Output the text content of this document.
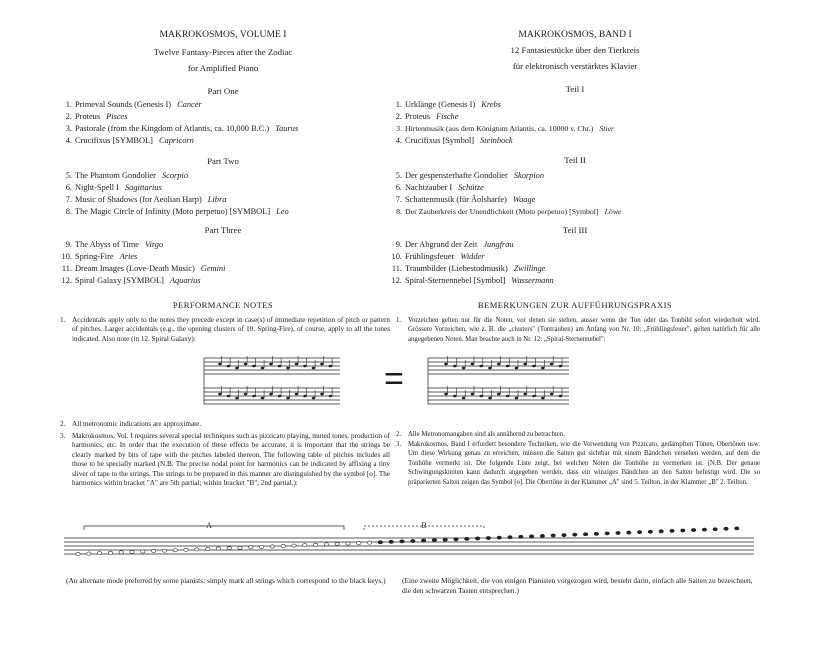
MAKROKOSMOS, VOLUME I
Twelve Fantasy-Pieces after the Zodiac
for Amplified Piano
Part One
1. Primeval Sounds (Genesis I) Cancer
2. Proteus Pisces
3. Pastorale (from the Kingdom of Atlantis, ca. 10,000 B.C.) Taurus
4. Crucifixus [SYMBOL] Capricorn
Part Two
5. The Phantom Gondolier Scorpio
6. Night-Spell I Sagittarius
7. Music of Shadows (for Aeolian Harp) Libra
8. The Magic Circle of Infinity (Moto perpetuo) [SYMBOL] Leo
Part Three
9. The Abyss of Time Virgo
10. Spring-Fire Aries
11. Dream Images (Love-Death Music) Gemini
12. Spiral Galaxy [SYMBOL] Aquarius
PERFORMANCE NOTES
1. Accidentals apply only to the notes they precede except in case(s) of immediate repetition of pitch or pattern of pitches. Larger accidentals (e.g., the opening clusters of 10. Spring-Fire), of course, apply to all the tones indicated. Also note (in 12. Spiral Galaxy):
2. All metronomic indications are approximate.
3. Makrokosmos, Vol. I requires several special techniques such as pizzicato playing, muted tones, production of harmonics, etc. In order that the execution of these effects be accurate, it is important that the strings be clearly marked by bits of tape with the pitches labeled thereon. The following table of pitches includes all those to be specially marked (N.B. The precise nodal point for harmonics can be indicated by affixing a tiny sliver of tape to the strings. The strings to be prepared in this manner are distinguished by the symbol [o]. The harmonics within bracket "A" are 5th partial; within bracket "B", 2nd partial.):
(An alternate mode preferred by some pianists: simply mark all strings which correspond to the black keys.)
MAKROKOSMOS, BAND I
12 Fantasiestücke über den Tierkreis
für elektronisch verstärktes Klavier
Teil I
1. Urklänge (Genesis I) Krebs
2. Proteus Fische
3. Hirtenmusik (aus dem Königtum Atlantis, ca. 10000 v. Chr.) Stier
4. Crucifixus [Symbol] Steinbock
Teil II
5. Der gespensterhafte Gondolier Skorpion
6. Nachtzauber I Schütze
7. Schattenmusik (für Äolsharfe) Waage
8. Der Zauberkreis der Unendlichkeit (Moto perpetuo) [Symbol] Löwe
Teil III
9. Der Abgrund der Zeit Jungfrau
10. Frühlingsfeuer Widder
11. Traumbilder (Liebestodmusik) Zwillinge
12. Spiral-Sternennebel [Symbol] Wassermann
BEMERKUNGEN ZUR AUFFÜHRUNGSPRAXIS
1. Vorzeichen gelten nur für die Noten, vor denen sie stehen, ausser wenn der Ton oder das Tonbild sofort wiederholt wird. Grössere Vorzeichen, wie z. B. die „clusters" (Tontrauben) am Anfang von Nr. 10: „Frühlingsfeuer", gelten natürlich für alle angegebenen Noten. Man beachte auch in Nr. 12: „Spiral-Sternennebel":
2. Alle Metronomangaben sind als annähernd zu betrachten.
3. Makrokosmos, Band I erfordert besondere Techniken, wie die Verwendung von Pizzicato, gedämpften Tönen, Obertönen usw. Um diese Wirkung genau zu erreichen, müssen die Saiten gut sichtbar mit einem Bändchen versehen werden, auf dem die Tonhöhe vermerkt ist. Die folgende Liste zeigt, bei welchen Noten die Tonhöhe zu vermerken ist. (N.B. Der genaue Schwingungsknoten kann dadurch angegeben werden, dass ein winziges Bändchen an den Saiten befestigt wird. Die so präparierten Saiten zeigen das Symbol [o]. Die Obertöne in der Klammer „A" sind 5. Teilton, in der Klammer „B" 2. Teilton.
(Eine zweite Möglichkeit, die von einigen Pianisten vorgezogen wird, besteht darin, einfach alle Saiten zu bezeichnen, die den schwarzen Tasten entsprechen.)
=
A	B
